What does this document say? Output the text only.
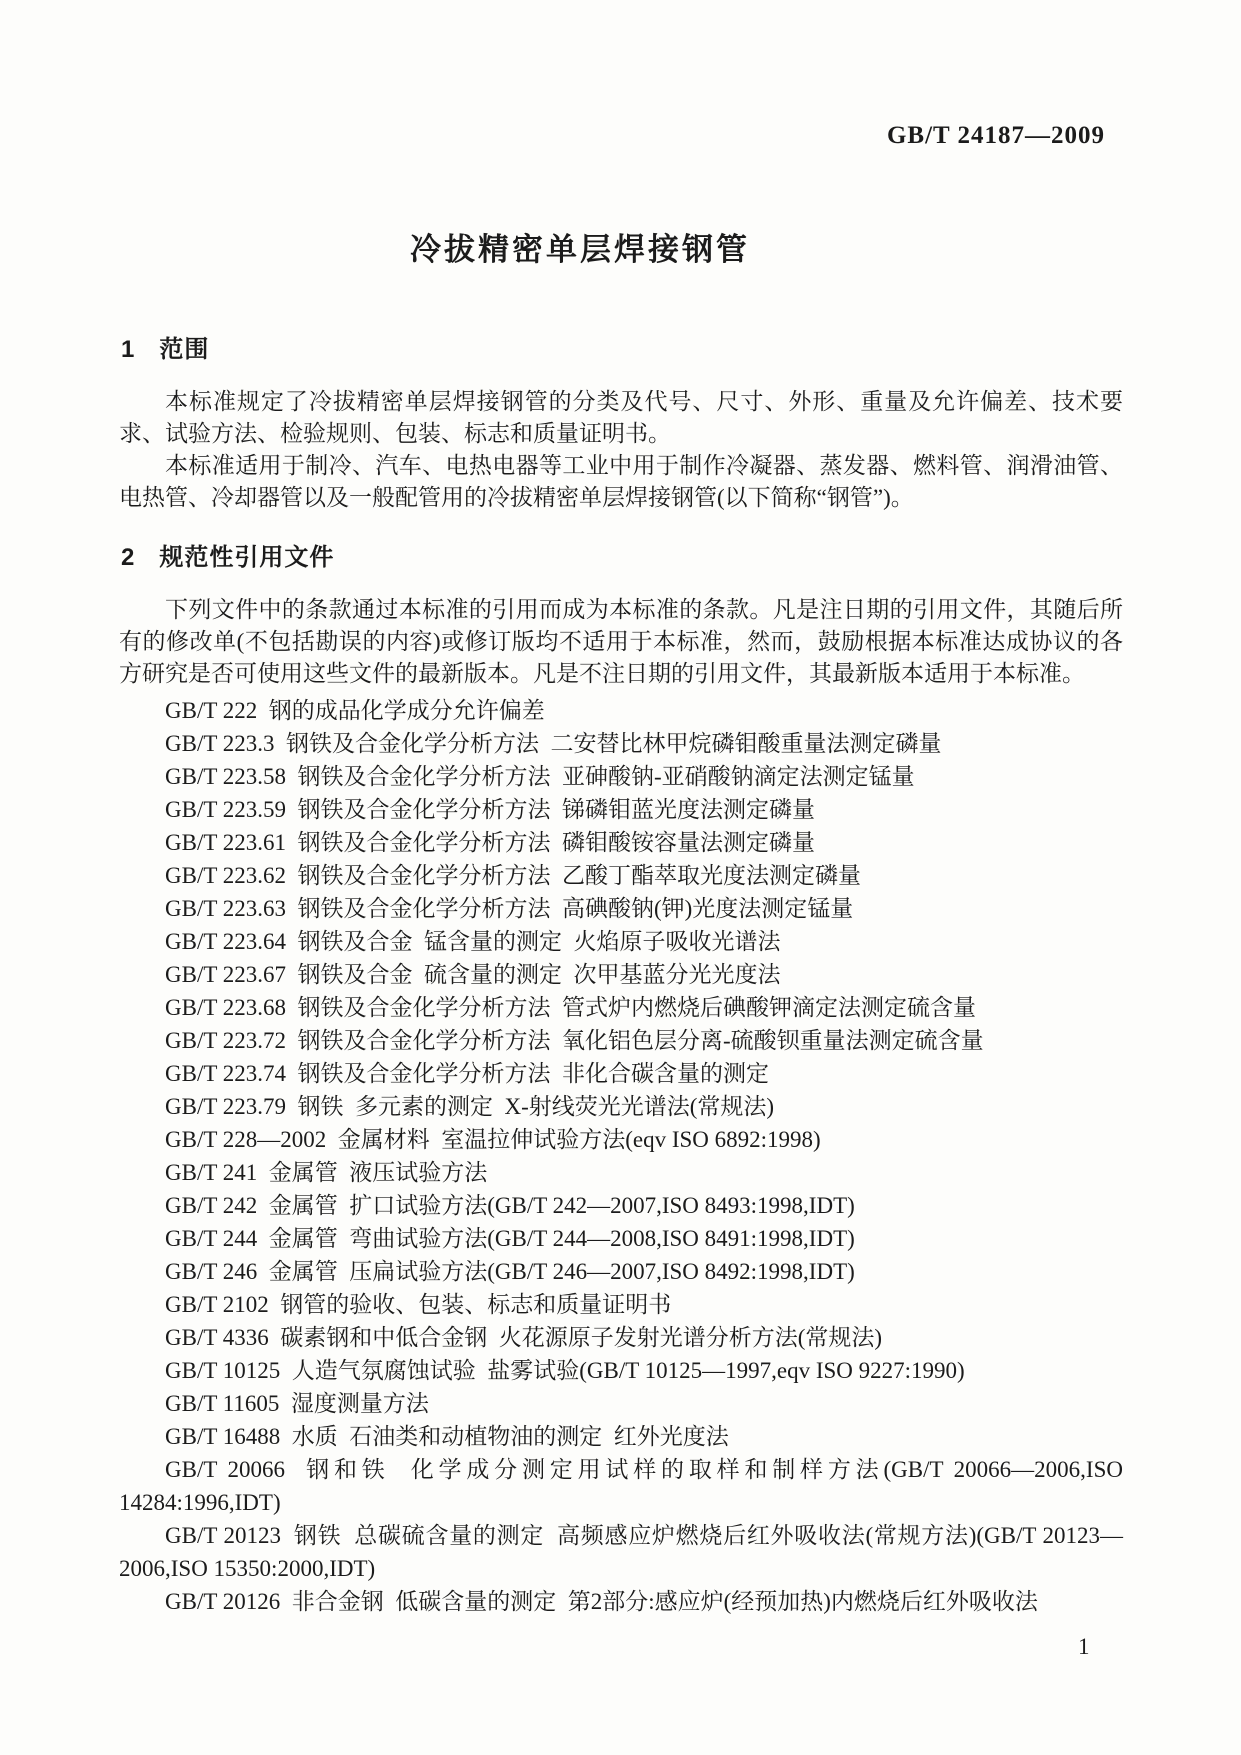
GB/T 24187—2009
冷拔精密单层焊接钢管
1 范围

本标准规定了冷拔精密单层焊接钢管的分类及代号、尺寸、外形、重量及允许偏差、技术要求、试验方法、检验规则、包装、标志和质量证明书。

本标准适用于制冷、汽车、电热电器等工业中用于制作冷凝器、蒸发器、燃料管、润滑油管、电热管、冷却器管以及一般配管用的冷拔精密单层焊接钢管(以下简称“钢管”)。

2 规范性引用文件

下列文件中的条款通过本标准的引用而成为本标准的条款。凡是注日期的引用文件，其随后所有的修改单(不包括勘误的内容)或修订版均不适用于本标准，然而，鼓励根据本标准达成协议的各方研究是否可使用这些文件的最新版本。凡是不注日期的引用文件，其最新版本适用于本标准。

GB/T 222  钢的成品化学成分允许偏差

GB/T 223.3  钢铁及合金化学分析方法  二安替比林甲烷磷钼酸重量法测定磷量

GB/T 223.58  钢铁及合金化学分析方法  亚砷酸钠-亚硝酸钠滴定法测定锰量

GB/T 223.59  钢铁及合金化学分析方法  锑磷钼蓝光度法测定磷量

GB/T 223.61  钢铁及合金化学分析方法  磷钼酸铵容量法测定磷量

GB/T 223.62  钢铁及合金化学分析方法  乙酸丁酯萃取光度法测定磷量

GB/T 223.63  钢铁及合金化学分析方法  高碘酸钠(钾)光度法测定锰量

GB/T 223.64  钢铁及合金  锰含量的测定  火焰原子吸收光谱法

GB/T 223.67  钢铁及合金  硫含量的测定  次甲基蓝分光光度法

GB/T 223.68  钢铁及合金化学分析方法  管式炉内燃烧后碘酸钾滴定法测定硫含量

GB/T 223.72  钢铁及合金化学分析方法  氧化铝色层分离-硫酸钡重量法测定硫含量

GB/T 223.74  钢铁及合金化学分析方法  非化合碳含量的测定

GB/T 223.79  钢铁  多元素的测定  X-射线荧光光谱法(常规法)

GB/T 228—2002  金属材料  室温拉伸试验方法(eqv ISO 6892:1998)

GB/T 241  金属管  液压试验方法

GB/T 242  金属管  扩口试验方法(GB/T 242—2007,ISO 8493:1998,IDT)

GB/T 244  金属管  弯曲试验方法(GB/T 244—2008,ISO 8491:1998,IDT)

GB/T 246  金属管  压扁试验方法(GB/T 246—2007,ISO 8492:1998,IDT)

GB/T 2102  钢管的验收、包装、标志和质量证明书

GB/T 4336  碳素钢和中低合金钢  火花源原子发射光谱分析方法(常规法)

GB/T 10125  人造气氛腐蚀试验  盐雾试验(GB/T 10125—1997,eqv ISO 9227:1990)

GB/T 11605  湿度测量方法

GB/T 16488  水质  石油类和动植物油的测定  红外光度法

GB/T 20066  钢和铁  化学成分测定用试样的取样和制样方法(GB/T 20066—2006,ISO 14284:1996,IDT)

GB/T 20123  钢铁  总碳硫含量的测定  高频感应炉燃烧后红外吸收法(常规方法)(GB/T 20123—2006,ISO 15350:2000,IDT)

GB/T 20126  非合金钢  低碳含量的测定  第2部分:感应炉(经预加热)内燃烧后红外吸收法

1
